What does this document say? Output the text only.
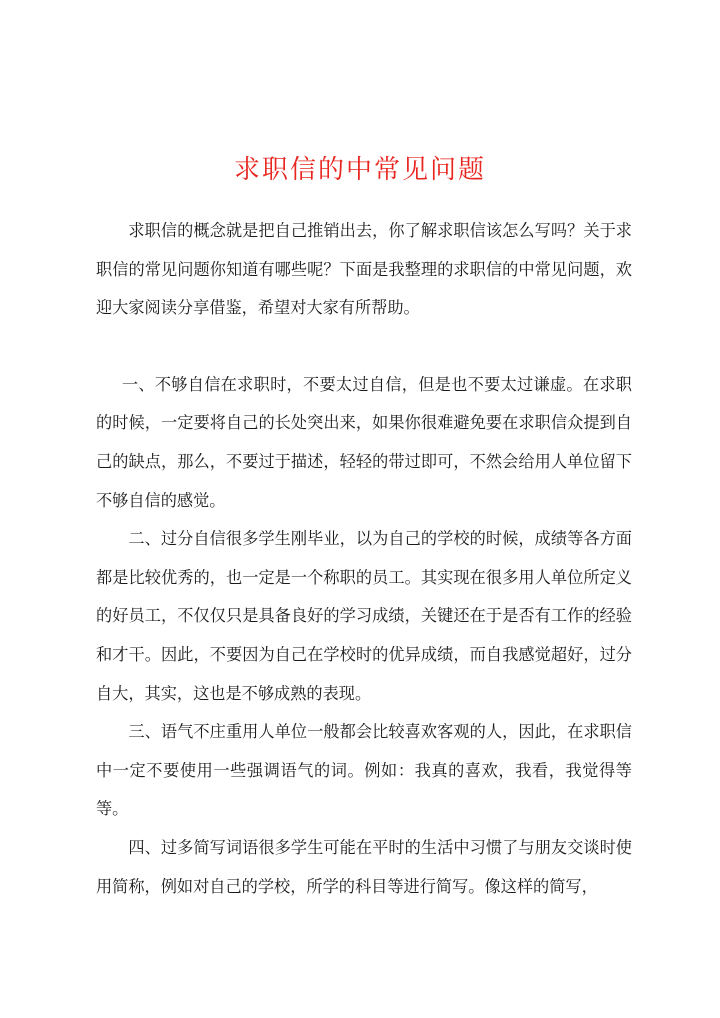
求职信的中常见问题

求职信的概念就是把自己推销出去，你了解求职信该怎么写吗？关于求职信的常见问题你知道有哪些呢？下面是我整理的求职信的中常见问题，欢迎大家阅读分享借鉴，希望对大家有所帮助。

一、不够自信在求职时，不要太过自信，但是也不要太过谦虚。在求职的时候，一定要将自己的长处突出来，如果你很难避免要在求职信众提到自己的缺点，那么，不要过于描述，轻轻的带过即可，不然会给用人单位留下不够自信的感觉。

二、过分自信很多学生刚毕业，以为自己的学校的时候，成绩等各方面都是比较优秀的，也一定是一个称职的员工。其实现在很多用人单位所定义的好员工，不仅仅只是具备良好的学习成绩，关键还在于是否有工作的经验和才干。因此，不要因为自己在学校时的优异成绩，而自我感觉超好，过分自大，其实，这也是不够成熟的表现。

三、语气不庄重用人单位一般都会比较喜欢客观的人，因此，在求职信中一定不要使用一些强调语气的词。例如：我真的喜欢，我看，我觉得等等。

四、过多简写词语很多学生可能在平时的生活中习惯了与朋友交谈时使用简称，例如对自己的学校，所学的科目等进行简写。像这样的简写，
